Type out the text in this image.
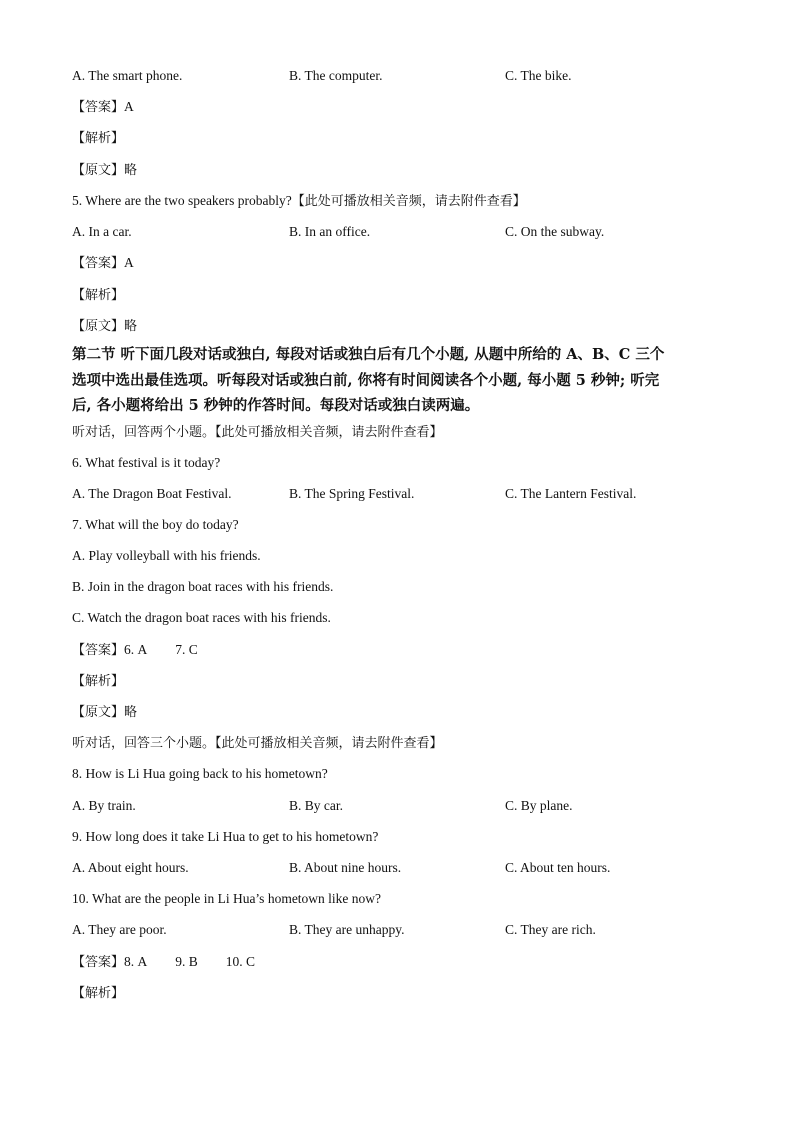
A. The smart phone.	B. The computer.	C. The bike.
【答案】A
【解析】
【原文】略
5. Where are the two speakers probably?【此处可播放相关音频，请去附件查看】
A. In a car.	B. In an office.	C. On the subway.
【答案】A
【解析】
【原文】略
第二节 听下面几段对话或独白, 每段对话或独白后有几个小题, 从题中所给的 A、B、C 三个
选项中选出最佳选项。听每段对话或独白前, 你将有时间阅读各个小题, 每小题 5 秒钟; 听完
后, 各小题将给出 5 秒钟的作答时间。每段对话或独白读两遍。
听对话，回答两个小题。【此处可播放相关音频，请去附件查看】
6. What festival is it today?
A. The Dragon Boat Festival.	B. The Spring Festival.	C. The Lantern Festival.
7. What will the boy do today?
A. Play volleyball with his friends.
B. Join in the dragon boat races with his friends.
C. Watch the dragon boat races with his friends.
【答案】6. A 7. C
【解析】
【原文】略
听对话，回答三个小题。【此处可播放相关音频，请去附件查看】
8. How is Li Hua going back to his hometown?
A. By train.	B. By car.	C. By plane.
9. How long does it take Li Hua to get to his hometown?
A. About eight hours.	B. About nine hours.	C. About ten hours.
10. What are the people in Li Hua’s hometown like now?
A. They are poor.	B. They are unhappy.	C. They are rich.
【答案】8. A 9. B 10. C
【解析】
